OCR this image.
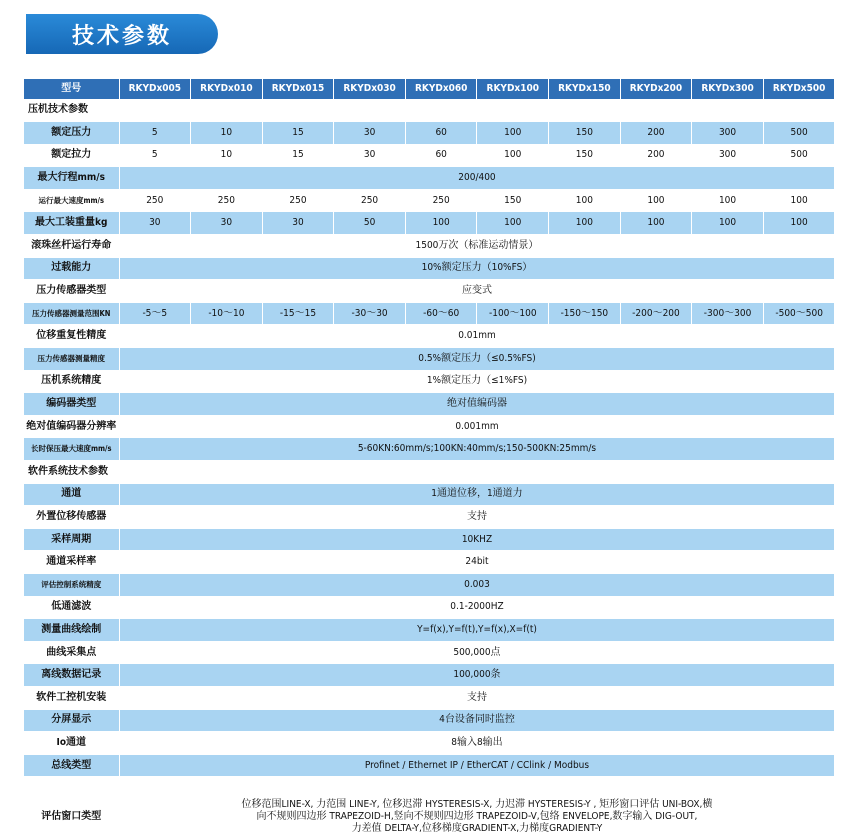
技术参数
型号	RKYDx005	RKYDx010	RKYDx015	RKYDx030	RKYDx060	RKYDx100	RKYDx150	RKYDx200	RKYDx300	RKYDx500
压机技术参数										
额定压力	5	10	15	30	60	100	150	200	300	500
额定拉力	5	10	15	30	60	100	150	200	300	500
最大行程mm/s	200/400									
运行最大速度mm/s	250	250	250	250	250	150	100	100	100	100
最大工装重量kg	30	30	30	50	100	100	100	100	100	100
滚珠丝杆运行寿命	1500万次（标准运动情景）									
过载能力	10%额定压力（10%FS）									
压力传感器类型	应变式									
压力传感器测量范围KN	-5～5	-10～10	-15～15	-30～30	-60～60	-100～100	-150～150	-200～200	-300～300	-500～500
位移重复性精度	0.01mm									
压力传感器测量精度	0.5%额定压力（≤0.5%FS)									
压机系统精度	1%额定压力（≤1%FS)									
编码器类型	绝对值编码器									
绝对值编码器分辨率	0.001mm									
长时保压最大速度mm/s	5-60KN:60mm/s;100KN:40mm/s;150-500KN:25mm/s									
软件系统技术参数										
通道	1通道位移，1通道力									
外置位移传感器	支持									
采样周期	10KHZ									
通道采样率	24bit									
评估控制系统精度	0.003									
低通滤波	0.1-2000HZ									
测量曲线绘制	Y=f(x),Y=f(t),Y=f(x),X=f(t)									
曲线采集点	500,000点									
离线数据记录	100,000条									
软件工控机安装	支持									
分屏显示	4台设备同时监控									
Io通道	8输入8输出									
总线类型	Profinet / Ethernet IP / EtherCAT / CClink / Modbus									
评估窗口类型	位移范围LINE-X, 力范围 LINE-Y, 位移迟滞 HYSTERESIS-X, 力迟滞 HYSTERESIS-Y , 矩形窗口评估 UNI-BOX,横
向不规则四边形 TRAPEZOID-H,竖向不规则四边形 TRAPEZOID-V,包络 ENVELOPE,数字输入 DIG-OUT,
力差值 DELTA-Y,位移梯度GRADIENT-X,力梯度GRADIENT-Y									
